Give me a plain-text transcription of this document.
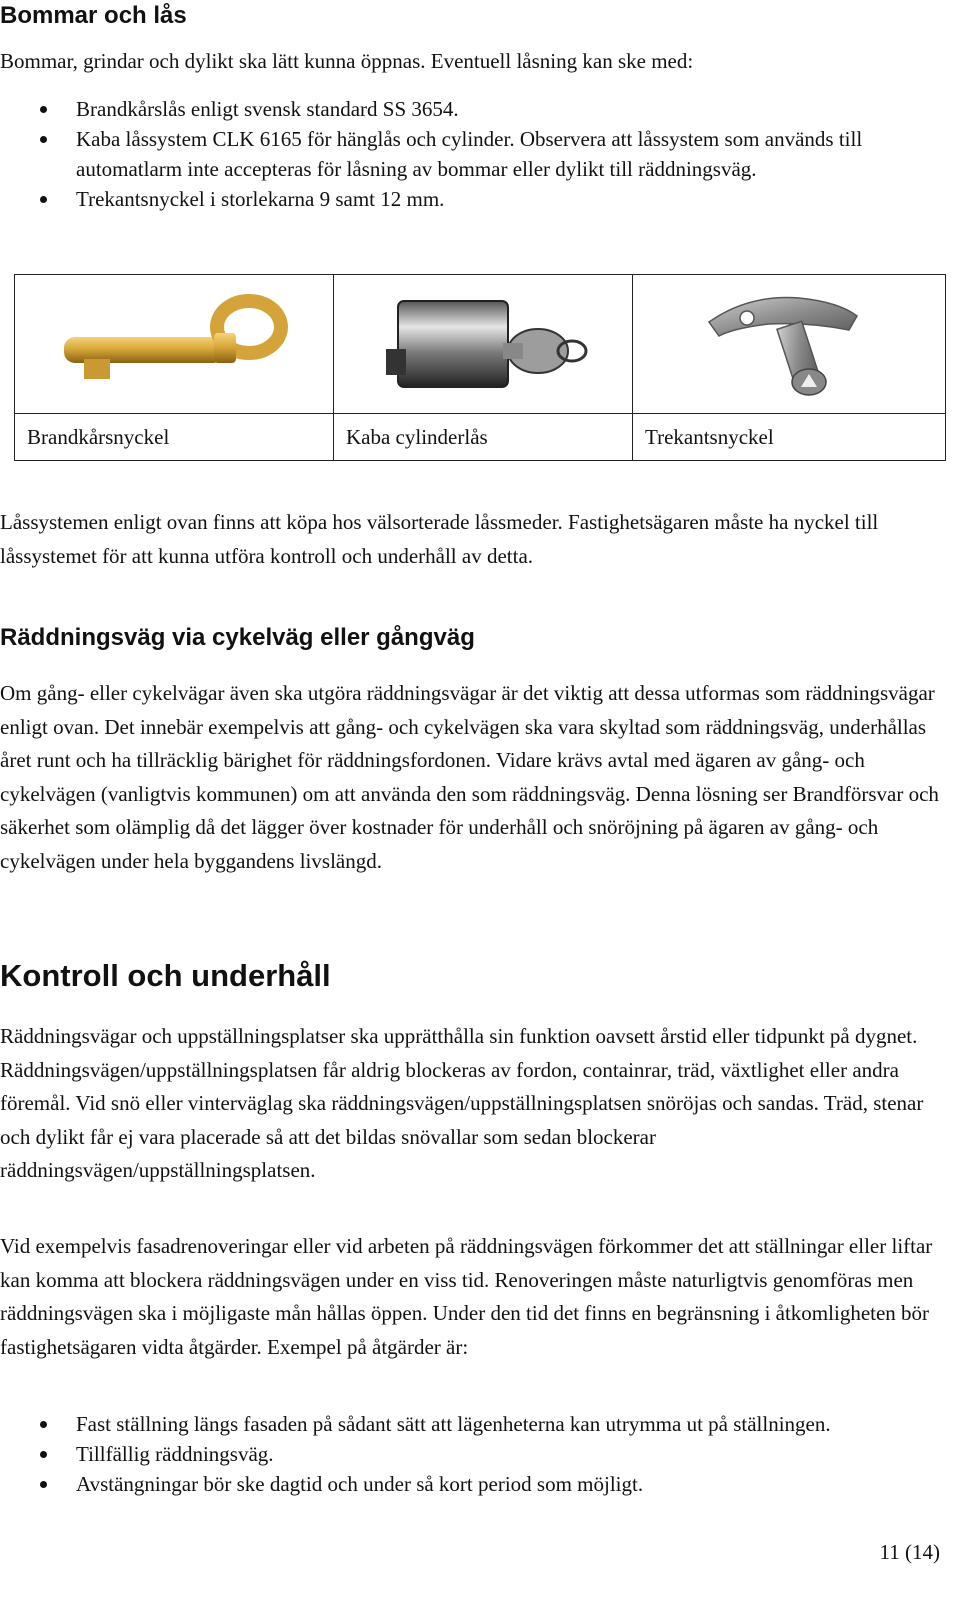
Bommar och lås

Bommar, grindar och dylikt ska lätt kunna öppnas. Eventuell låsning kan ske med:

Brandkårslås enligt svensk standard SS 3654.
Kaba låssystem CLK 6165 för hänglås och cylinder. Observera att låssystem som används till automatlarm inte accepteras för låsning av bommar eller dylikt till räddningsväg.
Trekantsnyckel i storlekarna 9 samt 12 mm.

Brandkårsnyckel	Kaba cylinderlås	Trekantsnyckel

Låssystemen enligt ovan finns att köpa hos välsorterade låssmeder. Fastighetsägaren måste ha nyckel till låssystemet för att kunna utföra kontroll och underhåll av detta.

Räddningsväg via cykelväg eller gångväg

Om gång- eller cykelvägar även ska utgöra räddningsvägar är det viktig att dessa utformas som räddningsvägar enligt ovan. Det innebär exempelvis att gång- och cykelvägen ska vara skyltad som räddningsväg, underhållas året runt och ha tillräcklig bärighet för räddningsfordonen. Vidare krävs avtal med ägaren av gång- och cykelvägen (vanligtvis kommunen) om att använda den som räddningsväg. Denna lösning ser Brandförsvar och säkerhet som olämplig då det lägger över kostnader för underhåll och snöröjning på ägaren av gång- och cykelvägen under hela byggandens livslängd.

Kontroll och underhåll

Räddningsvägar och uppställningsplatser ska upprätthålla sin funktion oavsett årstid eller tidpunkt på dygnet. Räddningsvägen/uppställningsplatsen får aldrig blockeras av fordon, containrar, träd, växtlighet eller andra föremål. Vid snö eller vinterväglag ska räddningsvägen/uppställningsplatsen snöröjas och sandas. Träd, stenar och dylikt får ej vara placerade så att det bildas snövallar som sedan blockerar räddningsvägen/uppställningsplatsen.

Vid exempelvis fasadrenoveringar eller vid arbeten på räddningsvägen förkommer det att ställningar eller liftar kan komma att blockera räddningsvägen under en viss tid. Renoveringen måste naturligtvis genomföras men räddningsvägen ska i möjligaste mån hållas öppen. Under den tid det finns en begränsning i åtkomligheten bör fastighetsägaren vidta åtgärder. Exempel på åtgärder är:

Fast ställning längs fasaden på sådant sätt att lägenheterna kan utrymma ut på ställningen.
Tillfällig räddningsväg.
Avstängningar bör ske dagtid och under så kort period som möjligt.
11 (14)
